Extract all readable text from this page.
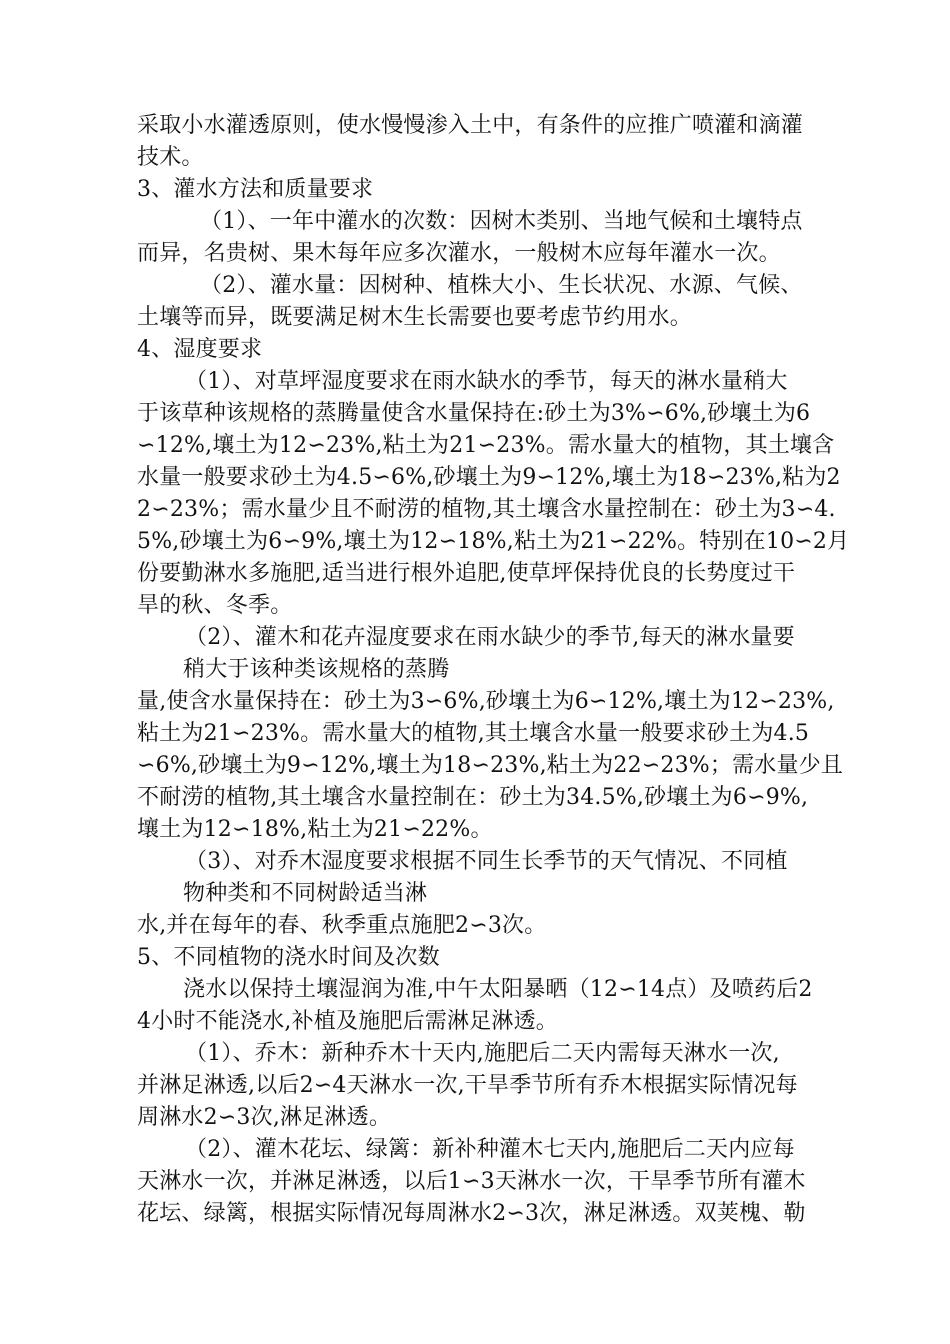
采取小水灌透原则，使水慢慢渗入土中，有条件的应推广喷灌和滴灌
技术。
3、灌水方法和质量要求
（1）、一年中灌水的次数：因树木类别、当地气候和土壤特点
而异，名贵树、果木每年应多次灌水，一般树木应每年灌水一次。
（2）、灌水量：因树种、植株大小、生长状况、水源、气候、
土壤等而异，既要满足树木生长需要也要考虑节约用水。
4、湿度要求
（1）、对草坪湿度要求在雨水缺水的季节，每天的淋水量稍大
于该草种该规格的蒸腾量使含水量保持在:砂土为3%∽6%,砂壤土为6
∽12%,壤土为12∽23%,粘土为21∽23%。需水量大的植物，其土壤含
水量一般要求砂土为4.5∽6%,砂壤土为9∽12%,壤土为18∽23%,粘为2
2∽23%；需水量少且不耐涝的植物,其土壤含水量控制在：砂土为3∽4.
5%,砂壤土为6∽9%,壤土为12∽18%,粘土为21∽22%。特别在10∽2月
份要勤淋水多施肥,适当进行根外追肥,使草坪保持优良的长势度过干
旱的秋、冬季。
（2）、灌木和花卉湿度要求在雨水缺少的季节,每天的淋水量要
稍大于该种类该规格的蒸腾
量,使含水量保持在：砂土为3∽6%,砂壤土为6∽12%,壤土为12∽23%,
粘土为21∽23%。需水量大的植物,其土壤含水量一般要求砂土为4.5
∽6%,砂壤土为9∽12%,壤土为18∽23%,粘土为22∽23%；需水量少且
不耐涝的植物,其土壤含水量控制在：砂土为34.5%,砂壤土为6∽9%,
壤土为12∽18%,粘土为21∽22%。
（3）、对乔木湿度要求根据不同生长季节的天气情况、不同植
物种类和不同树龄适当淋
水,并在每年的春、秋季重点施肥2∽3次。
5、不同植物的浇水时间及次数
浇水以保持土壤湿润为准,中午太阳暴晒（12∽14点）及喷药后2
4小时不能浇水,补植及施肥后需淋足淋透。
（1）、乔木：新种乔木十天内,施肥后二天内需每天淋水一次,
并淋足淋透,以后2∽4天淋水一次,干旱季节所有乔木根据实际情况每
周淋水2∽3次,淋足淋透。
（2）、灌木花坛、绿篱：新补种灌木七天内,施肥后二天内应每
天淋水一次，并淋足淋透，以后1∽3天淋水一次，干旱季节所有灌木
花坛、绿篱，根据实际情况每周淋水2∽3次，淋足淋透。双荚槐、勒
